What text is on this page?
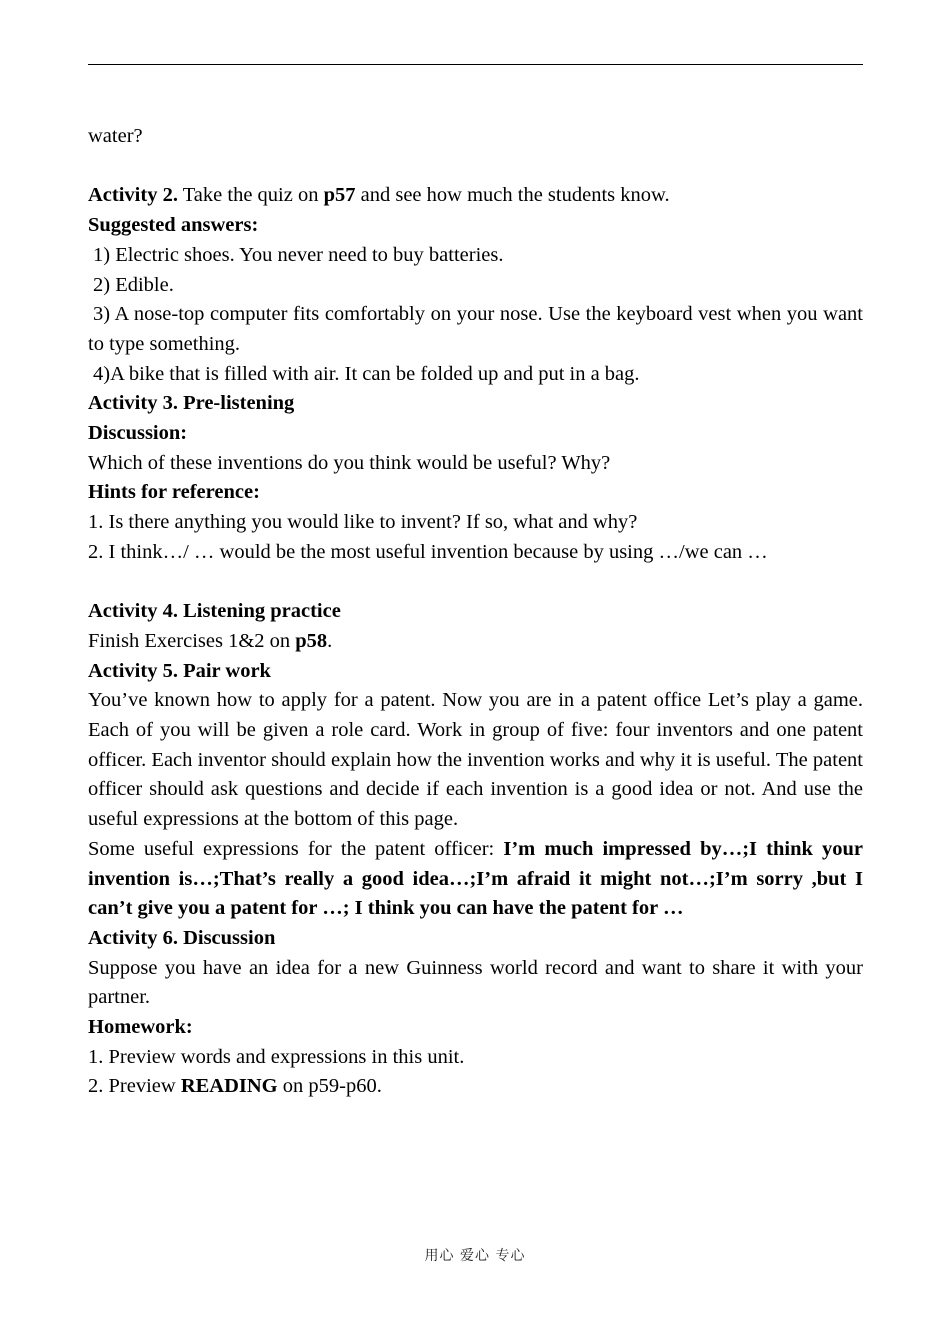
water?

Activity 2. Take the quiz on p57 and see how much the students know.

Suggested answers:

1) Electric shoes. You never need to buy batteries.

2) Edible.

3) A nose-top computer fits comfortably on your nose. Use the keyboard vest when you want to type something.

4)A bike that is filled with air. It can be folded up and put in a bag.

Activity 3. Pre-listening

Discussion:

Which of these inventions do you think would be useful? Why?

Hints for reference:

1. Is there anything you would like to invent? If so, what and why?

2. I think…/ … would be the most useful invention because by using …/we can …

Activity 4. Listening practice

Finish Exercises 1&2 on p58.

Activity 5. Pair work

You’ve known how to apply for a patent. Now you are in a patent office Let’s play a game. Each of you will be given a role card. Work in group of five: four inventors and one patent officer. Each inventor should explain how the invention works and why it is useful. The patent officer should ask questions and decide if each invention is a good idea or not. And use the useful expressions at the bottom of this page.

Some useful expressions for the patent officer: I’m much impressed by…;I think your invention is…;That’s really a good idea…;I’m afraid it might not…;I’m sorry ,but I can’t give you a patent for …; I think you can have the patent for …

Activity 6. Discussion

Suppose you have an idea for a new Guinness world record and want to share it with your partner.

Homework:

1. Preview words and expressions in this unit.

2. Preview READING on p59-p60.

用心 爱心 专心
